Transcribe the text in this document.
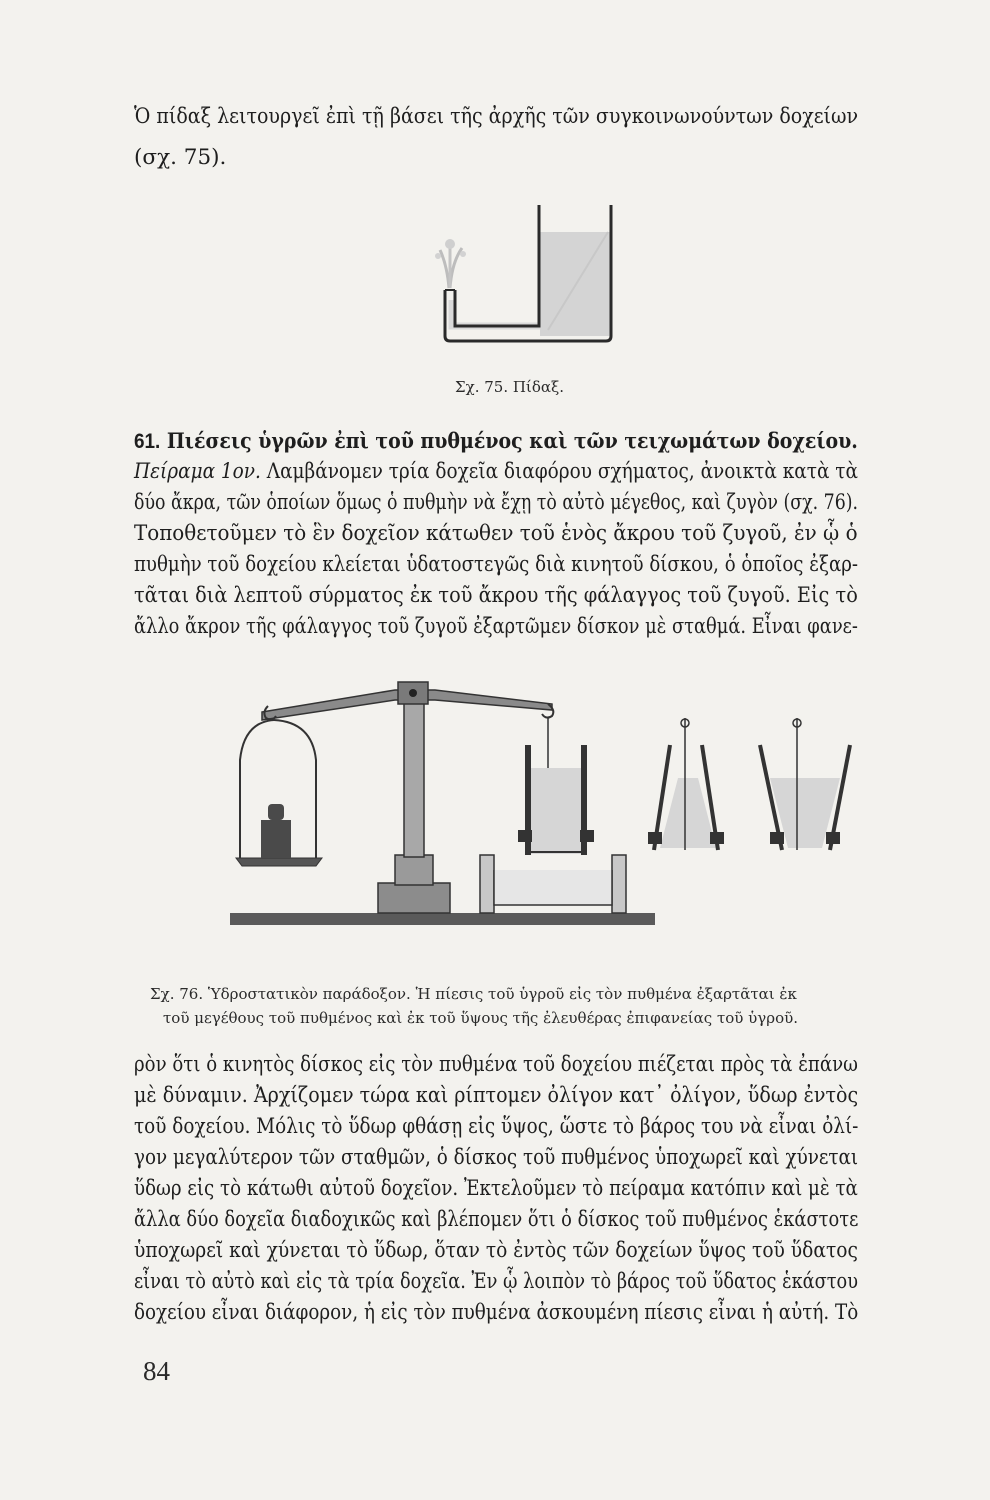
Ὁ πίδαξ λειτουργεῖ ἐπὶ τῇ βάσει τῆς ἀρχῆς τῶν συγκοινωνούντων δοχείων
(σχ. 75).
Σχ. 75. Πίδαξ.
61. Πιέσεις ὑγρῶν ἐπὶ τοῦ πυθμένος καὶ τῶν τειχωμάτων δοχείου.
Πείραμα 1ον. Λαμβάνομεν τρία δοχεῖα διαφόρου σχήματος, ἀνοικτὰ κατὰ τὰ
δύο ἄκρα, τῶν ὁποίων ὅμως ὁ πυθμὴν νὰ ἔχῃ τὸ αὐτὸ μέγεθος, καὶ ζυγὸν (σχ. 76).
Τοποθετοῦμεν τὸ ἓν δοχεῖον κάτωθεν τοῦ ἑνὸς ἄκρου τοῦ ζυγοῦ, ἐν ᾧ ὁ
πυθμὴν τοῦ δοχείου κλείεται ὑδατοστεγῶς διὰ κινητοῦ δίσκου, ὁ ὁποῖος ἐξαρ-
τᾶται διὰ λεπτοῦ σύρματος ἐκ τοῦ ἄκρου τῆς φάλαγγος τοῦ ζυγοῦ. Εἰς τὸ
ἄλλο ἄκρον τῆς φάλαγγος τοῦ ζυγοῦ ἐξαρτῶμεν δίσκον μὲ σταθμά. Εἶναι φανε-
Σχ. 76. Ὑδροστατικὸν παράδοξον. Ἡ πίεσις τοῦ ὑγροῦ εἰς τὸν πυθμένα ἐξαρτᾶται ἐκ
τοῦ μεγέθους τοῦ πυθμένος καὶ ἐκ τοῦ ὕψους τῆς ἐλευθέρας ἐπιφανείας τοῦ ὑγροῦ.
ρὸν ὅτι ὁ κινητὸς δίσκος εἰς τὸν πυθμένα τοῦ δοχείου πιέζεται πρὸς τὰ ἐπάνω
μὲ δύναμιν. Ἀρχίζομεν τώρα καὶ ρίπτομεν ὀλίγον κατ᾽ ὀλίγον, ὕδωρ ἐντὸς
τοῦ δοχείου. Μόλις τὸ ὕδωρ φθάσῃ εἰς ὕψος, ὥστε τὸ βάρος του νὰ εἶναι ὀλί-
γον μεγαλύτερον τῶν σταθμῶν, ὁ δίσκος τοῦ πυθμένος ὑποχωρεῖ καὶ χύνεται
ὕδωρ εἰς τὸ κάτωθι αὐτοῦ δοχεῖον. Ἐκτελοῦμεν τὸ πείραμα κατόπιν καὶ μὲ τὰ
ἄλλα δύο δοχεῖα διαδοχικῶς καὶ βλέπομεν ὅτι ὁ δίσκος τοῦ πυθμένος ἑκάστοτε
ὑποχωρεῖ καὶ χύνεται τὸ ὕδωρ, ὅταν τὸ ἐντὸς τῶν δοχείων ὕψος τοῦ ὕδατος
εἶναι τὸ αὐτὸ καὶ εἰς τὰ τρία δοχεῖα. Ἐν ᾧ λοιπὸν τὸ βάρος τοῦ ὕδατος ἑκάστου
δοχείου εἶναι διάφορον, ἡ εἰς τὸν πυθμένα ἀσκουμένη πίεσις εἶναι ἡ αὐτή. Τὸ
84
